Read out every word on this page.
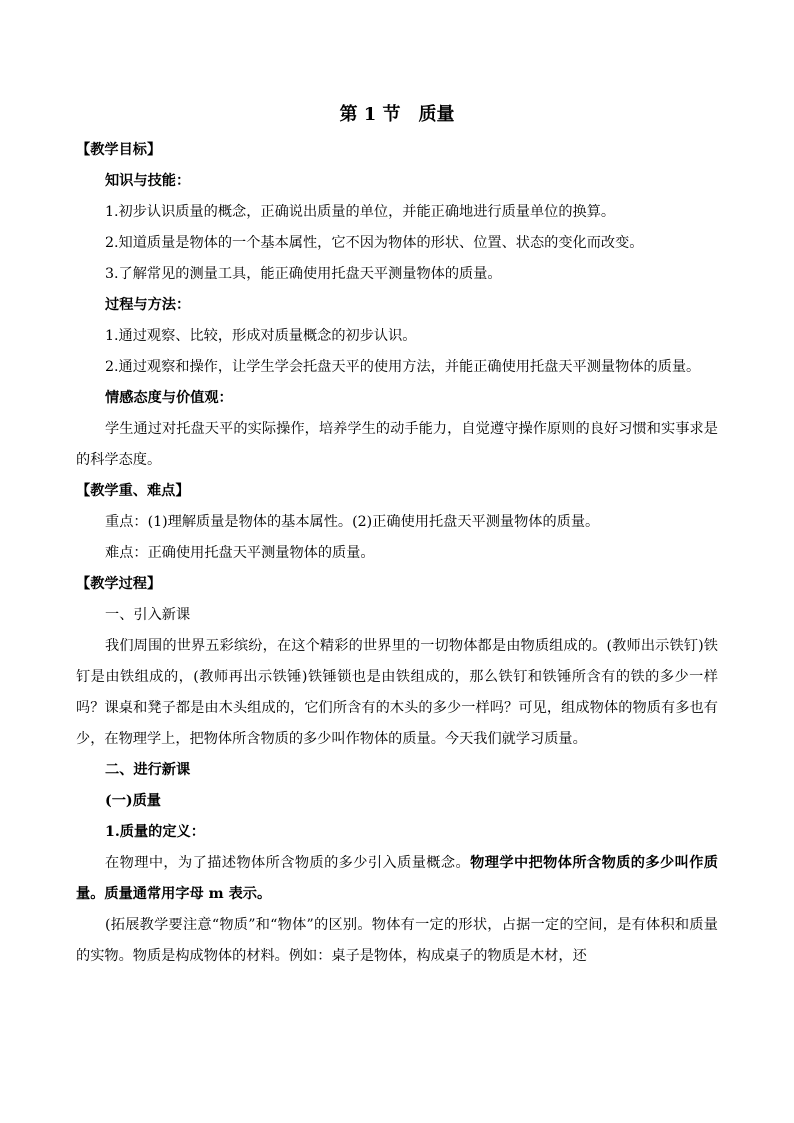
第 1 节　质量
【教学目标】
知识与技能：
1.初步认识质量的概念，正确说出质量的单位，并能正确地进行质量单位的换算。
2.知道质量是物体的一个基本属性，它不因为物体的形状、位置、状态的变化而改变。
3.了解常见的测量工具，能正确使用托盘天平测量物体的质量。
过程与方法：
1.通过观察、比较，形成对质量概念的初步认识。

2.通过观察和操作，让学生学会托盘天平的使用方法，并能正确使用托盘天平测量物体的质量。

情感态度与价值观：

学生通过对托盘天平的实际操作，培养学生的动手能力，自觉遵守操作原则的良好习惯和实事求是的科学态度。

【教学重、难点】
重点：(1)理解质量是物体的基本属性。(2)正确使用托盘天平测量物体的质量。
难点：正确使用托盘天平测量物体的质量。
【教学过程】
一、引入新课

我们周围的世界五彩缤纷，在这个精彩的世界里的一切物体都是由物质组成的。(教师出示铁钉)铁钉是由铁组成的，(教师再出示铁锤)铁锤锁也是由铁组成的，那么铁钉和铁锤所含有的铁的多少一样吗？课桌和凳子都是由木头组成的，它们所含有的木头的多少一样吗？可见，组成物体的物质有多也有少，在物理学上，把物体所含物质的多少叫作物体的质量。今天我们就学习质量。

二、进行新课
(一)质量
1.质量的定义：

在物理中，为了描述物体所含物质的多少引入质量概念。物理学中把物体所含物质的多少叫作质量。质量通常用字母 m 表示。

(拓展教学要注意“物质”和“物体”的区别。物体有一定的形状，占据一定的空间，是有体积和质量的实物。物质是构成物体的材料。例如：桌子是物体，构成桌子的物质是木材，还
